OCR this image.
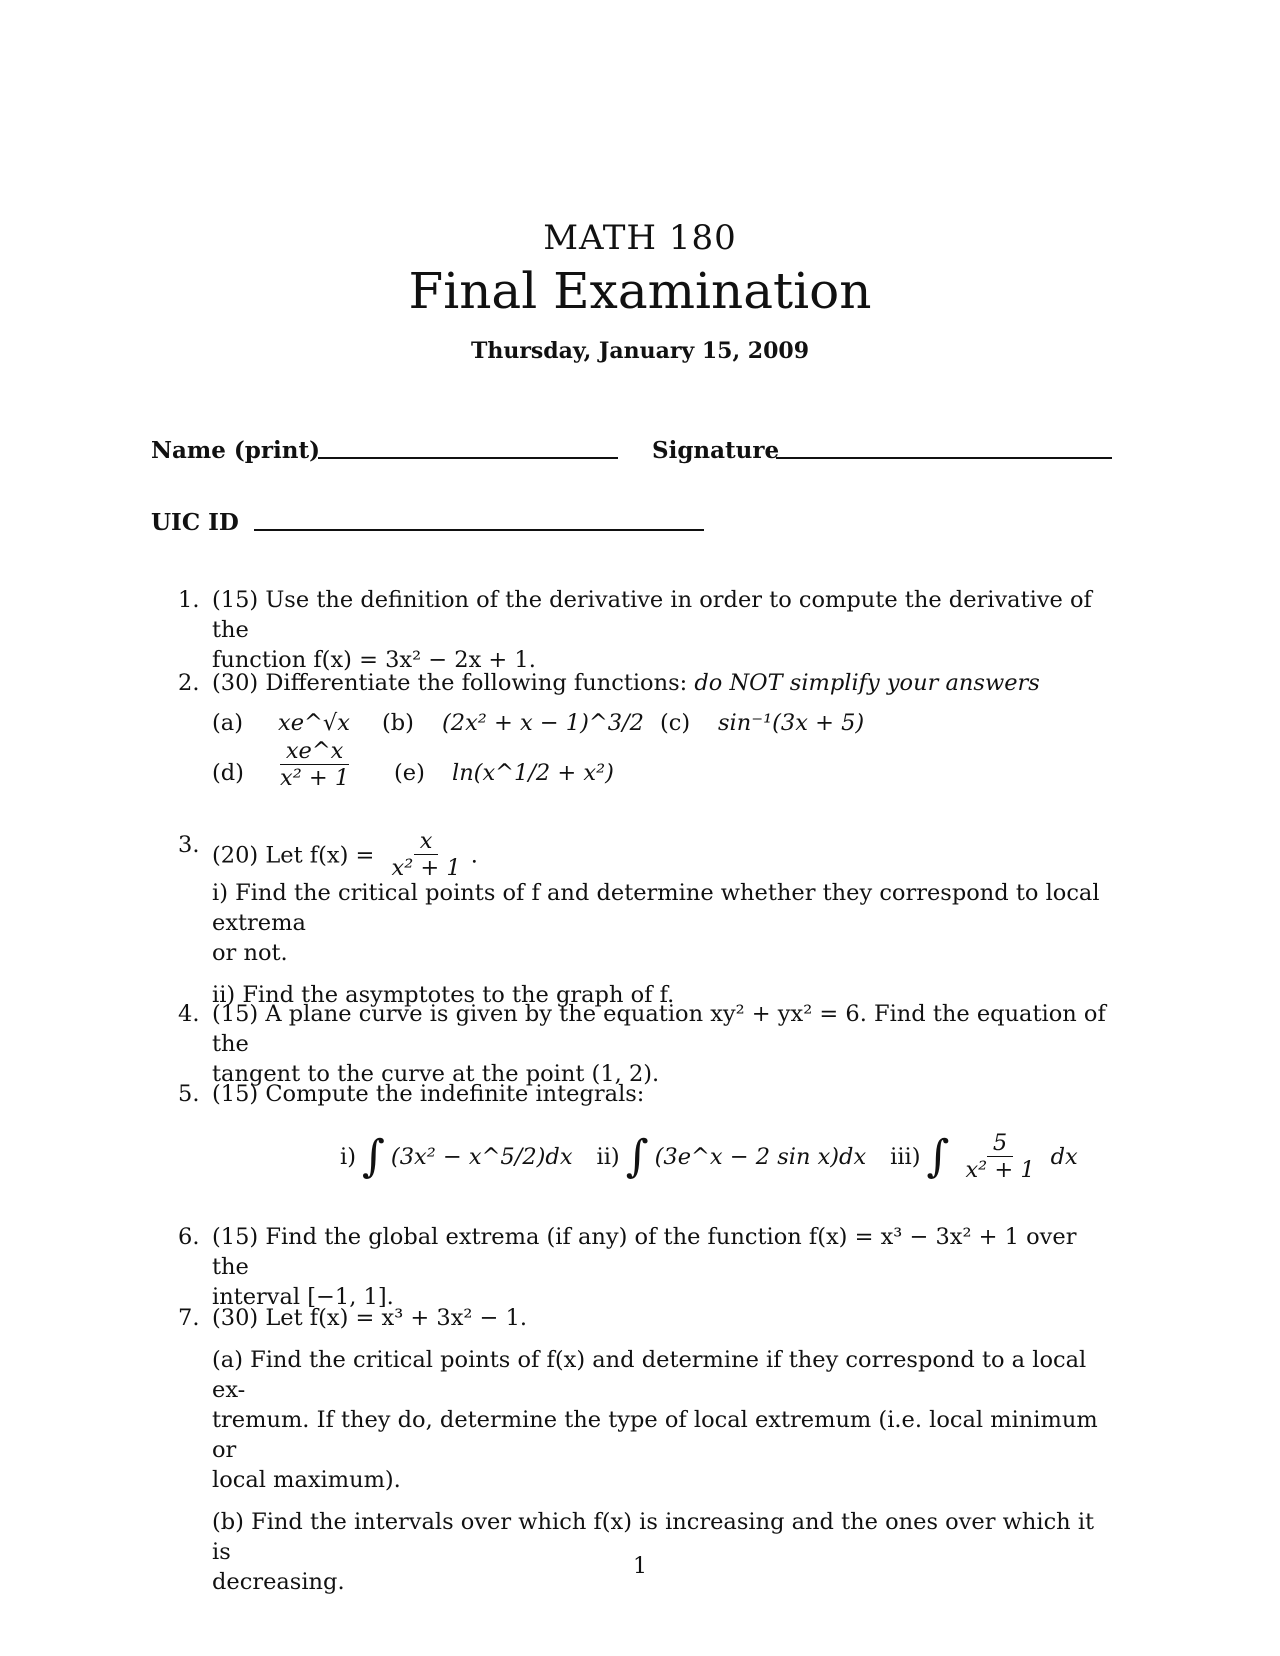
MATH 180
Final Examination
Thursday, January 15, 2009
Name (print)	Signature
UIC ID
1. (15) Use the definition of the derivative in order to compute the derivative of the
function f(x) = 3x² − 2x + 1.
2. (30) Differentiate the following functions: do NOT simplify your answers
(a) xe^√x (b) (2x² + x − 1)^3/2 (c) sin⁻¹(3x + 5)
$(d) \frac{xe\^{}x}{\text{x² + 1}} (e)$ ln(x^1/2 + x²)
3. (20) Let $f(x) = \frac{x}{\text{x² + 1}}$ .
i) Find the critical points of f and determine whether they correspond to local extrema
or not.
ii) Find the asymptotes to the graph of f.
4. (15) A plane curve is given by the equation xy² + yx² = 6. Find the equation of the
tangent to the curve at the point (1, 2).
5. (15) Compute the indefinite integrals:
i) ∫ (3x² − x^5/2)dx ii) ∫ (3e^x − 2 sin x)dx iii) ∫ $\frac{5}{\text{x² + 1}}$ dx
6. (15) Find the global extrema (if any) of the function f(x) = x³ − 3x² + 1 over the
interval [−1, 1].
7. (30) Let f(x) = x³ + 3x² − 1.
(a) Find the critical points of f(x) and determine if they correspond to a local ex-
tremum. If they do, determine the type of local extremum (i.e. local minimum or
local maximum).
(b) Find the intervals over which f(x) is increasing and the ones over which it is
decreasing.
1
